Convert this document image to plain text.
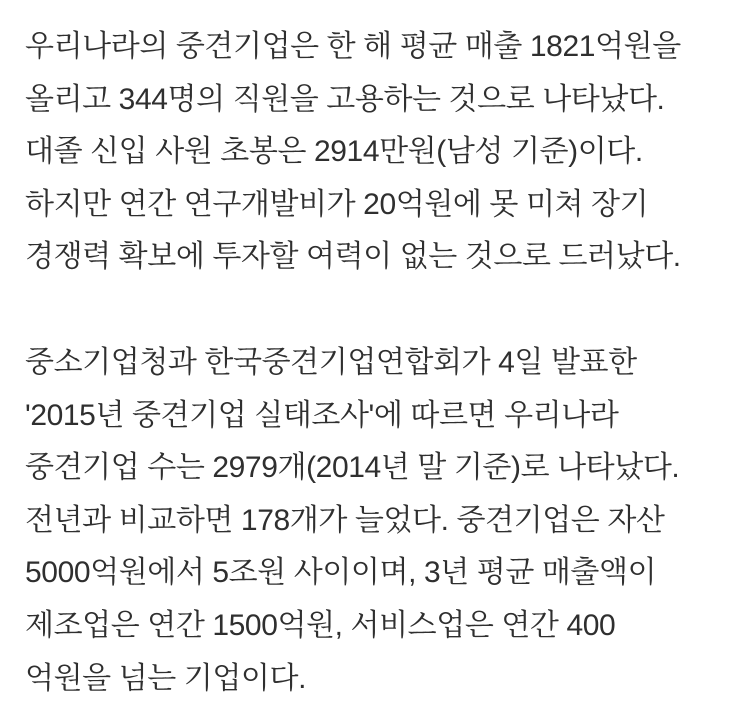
우리나라의 중견기업은 한 해 평균 매출 1821억원을
올리고 344명의 직원을 고용하는 것으로 나타났다.
대졸 신입 사원 초봉은 2914만원(남성 기준)이다.
하지만 연간 연구개발비가 20억원에 못 미쳐 장기
경쟁력 확보에 투자할 여력이 없는 것으로 드러났다.

중소기업청과 한국중견기업연합회가 4일 발표한
'2015년 중견기업 실태조사'에 따르면 우리나라
중견기업 수는 2979개(2014년 말 기준)로 나타났다.
전년과 비교하면 178개가 늘었다. 중견기업은 자산
5000억원에서 5조원 사이이며, 3년 평균 매출액이
제조업은 연간 1500억원, 서비스업은 연간 400
억원을 넘는 기업이다.
